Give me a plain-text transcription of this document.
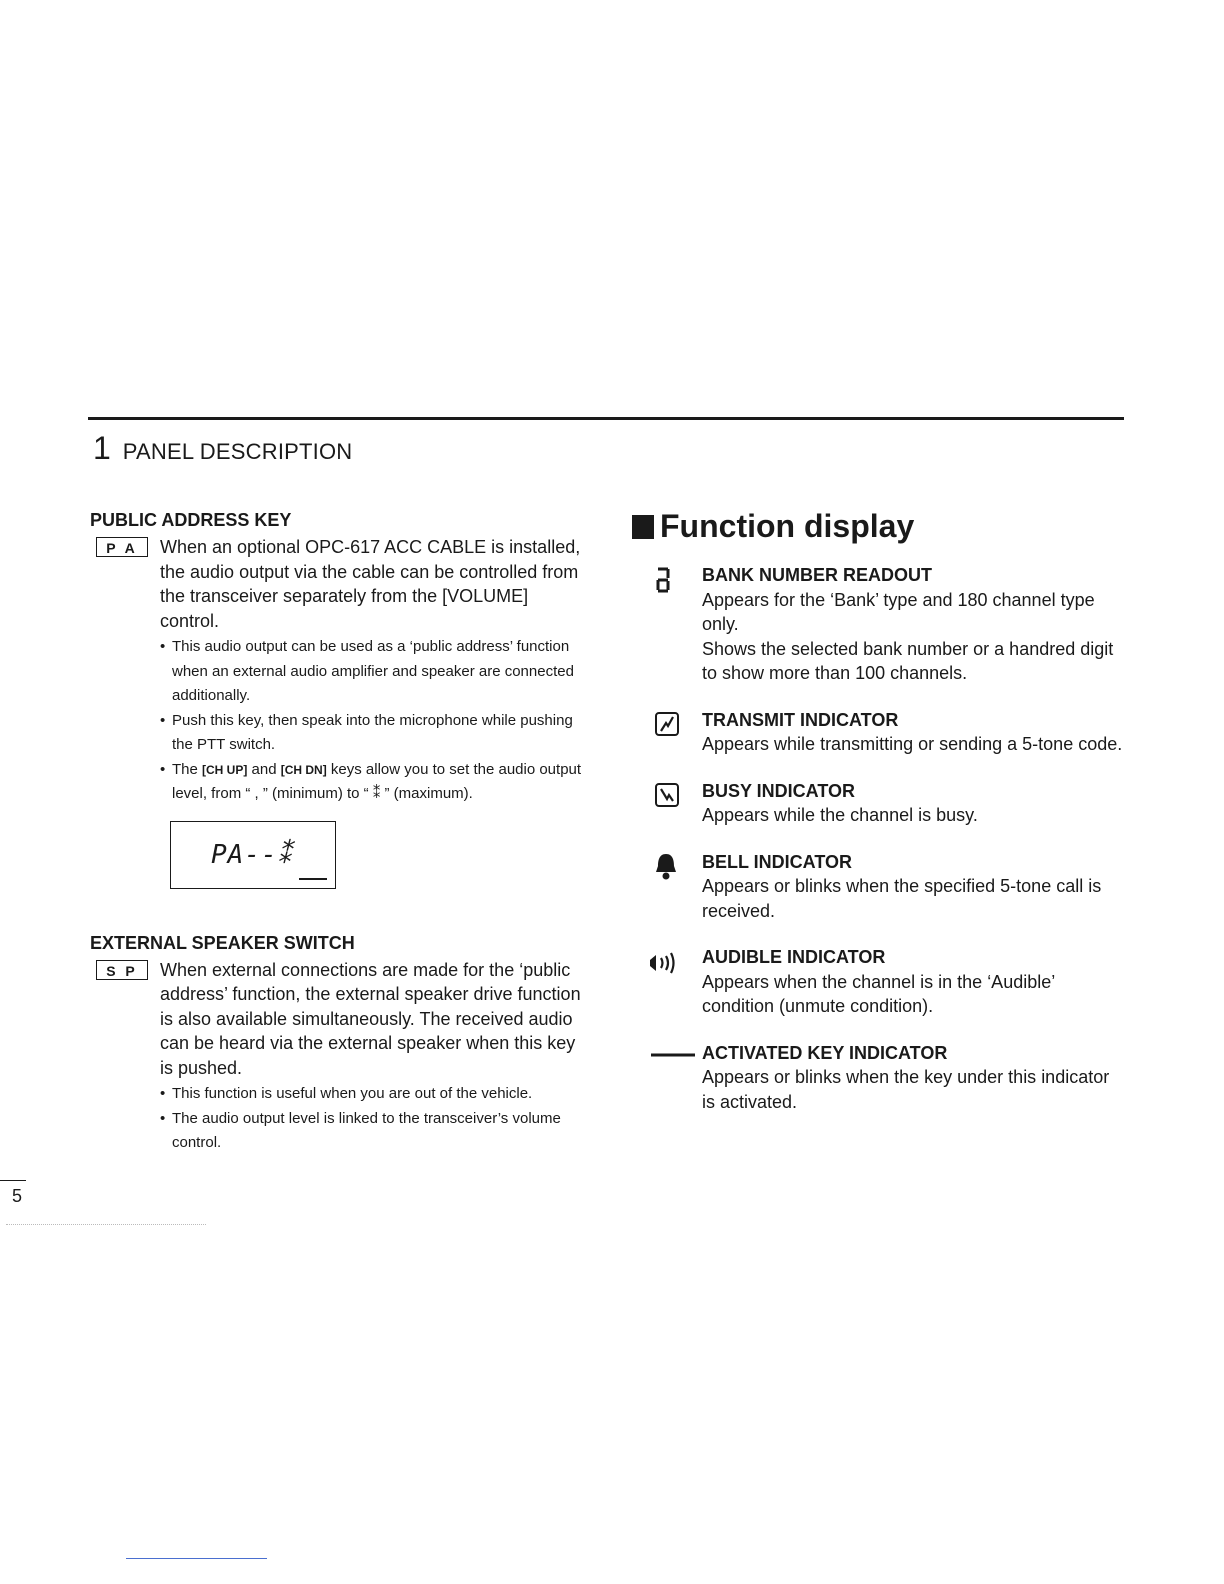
1 PANEL DESCRIPTION
PUBLIC ADDRESS KEY
P A	When an optional OPC-617 ACC CABLE is installed,
the audio output via the cable can be controlled from
the transceiver separately from the [VOLUME] control.
• This audio output can be used as a ‘public address’ function when an external audio amplifier and speaker are connected additionally.
• Push this key, then speak into the microphone while pushing the PTT switch.
• The [CH UP] and [CH DN] keys allow you to set the audio output level, from “ , ” (minimum) to “ ⁑ ” (maximum).
PA--⁑
EXTERNAL SPEAKER SWITCH
S P	When external connections are made for the ‘public address’ function, the external speaker drive function is also available simultaneously. The received audio can be heard via the external speaker when this key is pushed.
• This function is useful when you are out of the vehicle.
• The audio output level is linked to the transceiver’s volume control.
Function display
BANK NUMBER READOUT
Appears for the ‘Bank’ type and 180 channel type only.
Shows the selected bank number or a handred digit to show more than 100 channels.
TRANSMIT INDICATOR
Appears while transmitting or sending a 5-tone code.
BUSY INDICATOR
Appears while the channel is busy.
BELL INDICATOR
Appears or blinks when the specified 5-tone call is received.
AUDIBLE INDICATOR
Appears when the channel is in the ‘Audible’ condition (unmute condition).
ACTIVATED KEY INDICATOR
Appears or blinks when the key under this indicator is activated.
5
